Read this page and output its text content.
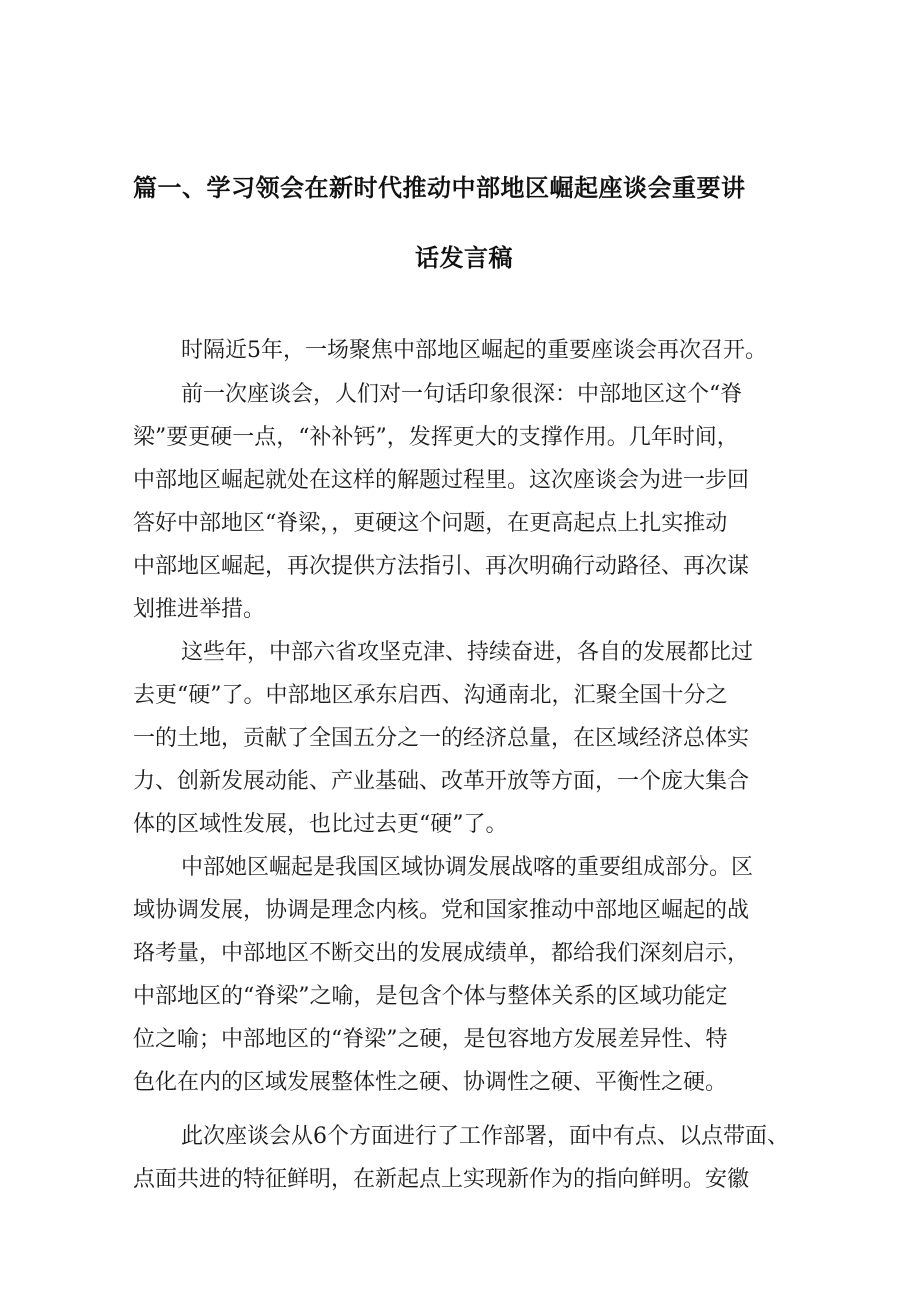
篇一、学习领会在新时代推动中部地区崛起座谈会重要讲
话发言稿
时隔近5年，一场聚焦中部地区崛起的重要座谈会再次召开。
前一次座谈会，人们对一句话印象很深：中部地区这个“脊
梁”要更硬一点，“补补钙”，发挥更大的支撑作用。几年时间，
中部地区崛起就处在这样的解题过程里。这次座谈会为进一步回
答好中部地区“脊梁，，更硬这个问题，在更高起点上扎实推动
中部地区崛起，再次提供方法指引、再次明确行动路径、再次谋
划推进举措。
这些年，中部六省攻坚克津、持续奋进，各自的发展都比过
去更“硬”了。中部地区承东启西、沟通南北，汇聚全国十分之
一的土地，贡献了全国五分之一的经济总量，在区域经济总体实
力、创新发展动能、产业基础、改革开放等方面，一个庞大集合
体的区域性发展，也比过去更“硬”了。
中部她区崛起是我国区域协调发展战喀的重要组成部分。区
域协调发展，协调是理念内核。党和国家推动中部地区崛起的战
珞考量，中部地区不断交出的发展成绩单，都给我们深刻启示，
中部地区的“脊梁”之喻，是包含个体与整体关系的区域功能定
位之喻；中部地区的“脊梁”之硬，是包容地方发展差异性、特
色化在内的区域发展整体性之硬、协调性之硬、平衡性之硬。
此次座谈会从6个方面进行了工作部署，面中有点、以点带面、
点面共进的特征鲜明，在新起点上实现新作为的指向鲜明。安徽
